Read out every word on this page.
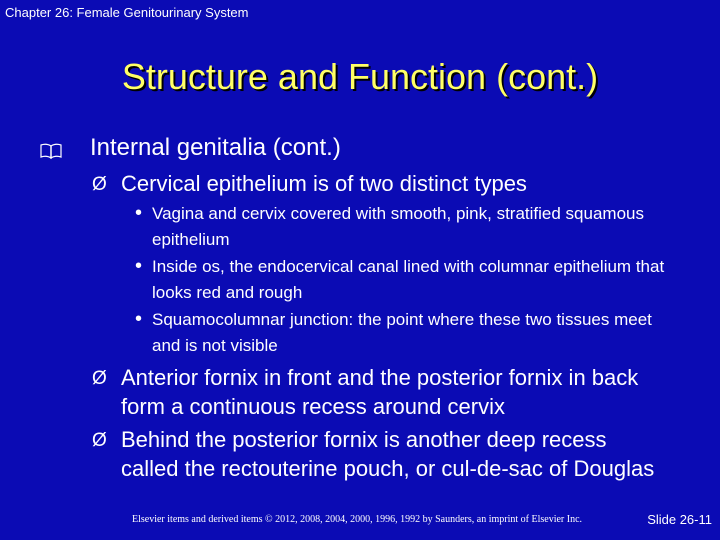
Chapter 26: Female Genitourinary System
Structure and Function (cont.)
Internal genitalia (cont.)
Ø Cervical epithelium is of two distinct types
• Vagina and cervix covered with smooth, pink, stratified squamous epithelium
• Inside os, the endocervical canal lined with columnar epithelium that looks red and rough
• Squamocolumnar junction: the point where these two tissues meet and is not visible
Ø Anterior fornix in front and the posterior fornix in back form a continuous recess around cervix
Ø Behind the posterior fornix is another deep recess called the rectouterine pouch, or cul-de-sac of Douglas
Elsevier items and derived items © 2012, 2008, 2004, 2000, 1996, 1992 by Saunders, an imprint of Elsevier Inc.	Slide 26-11
